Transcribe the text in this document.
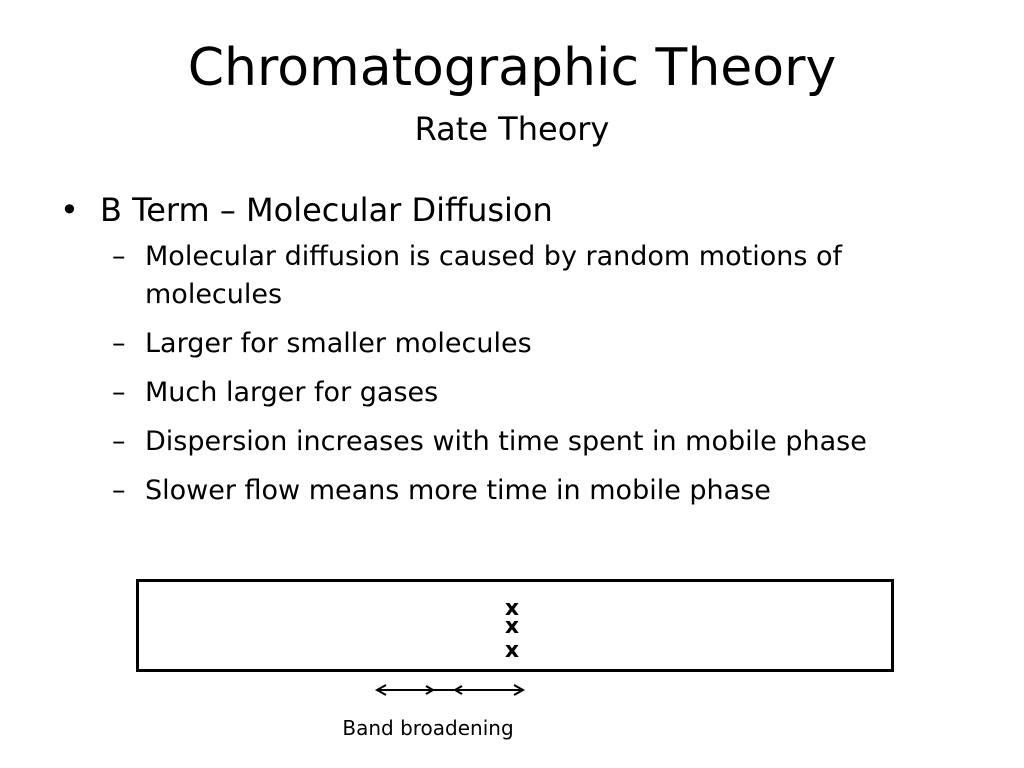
Chromatographic Theory
Rate Theory
• B Term – Molecular Diffusion
– Molecular diffusion is caused by random motions of molecules
– Larger for smaller molecules
– Much larger for gases
– Dispersion increases with time spent in mobile phase
– Slower flow means more time in mobile phase
x
x
x
Band broadening
